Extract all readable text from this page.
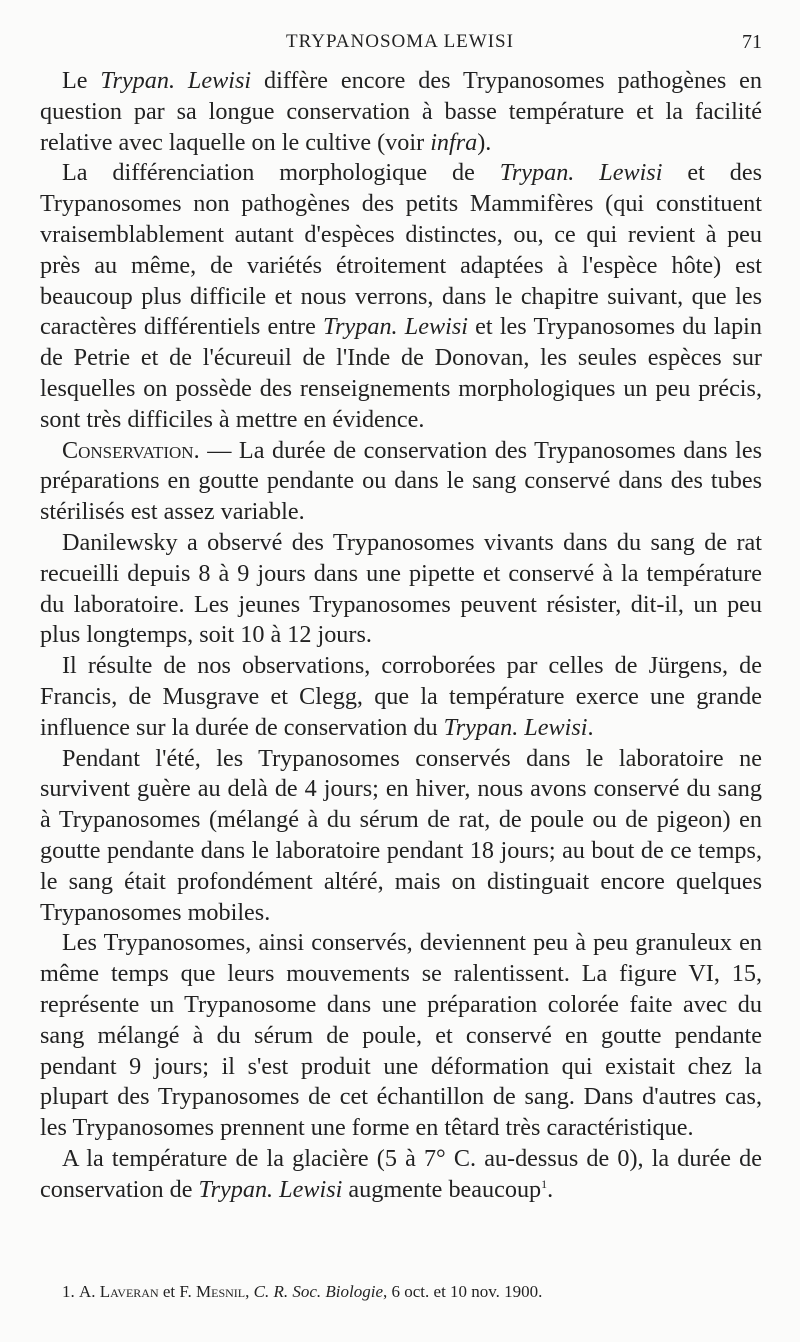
TRYPANOSOMA LEWISI	71

Le Trypan. Lewisi diffère encore des Trypanosomes pathogènes en question par sa longue conservation à basse température et la facilité relative avec laquelle on le cultive (voir infra).

La différenciation morphologique de Trypan. Lewisi et des Trypanosomes non pathogènes des petits Mammifères (qui constituent vraisemblablement autant d'espèces distinctes, ou, ce qui revient à peu près au même, de variétés étroitement adaptées à l'espèce hôte) est beaucoup plus difficile et nous verrons, dans le chapitre suivant, que les caractères différentiels entre Trypan. Lewisi et les Trypanosomes du lapin de Petrie et de l'écureuil de l'Inde de Donovan, les seules espèces sur lesquelles on possède des renseignements morphologiques un peu précis, sont très difficiles à mettre en évidence.

Conservation. — La durée de conservation des Trypanosomes dans les préparations en goutte pendante ou dans le sang conservé dans des tubes stérilisés est assez variable.

Danilewsky a observé des Trypanosomes vivants dans du sang de rat recueilli depuis 8 à 9 jours dans une pipette et conservé à la température du laboratoire. Les jeunes Trypanosomes peuvent résister, dit-il, un peu plus longtemps, soit 10 à 12 jours.

Il résulte de nos observations, corroborées par celles de Jürgens, de Francis, de Musgrave et Clegg, que la température exerce une grande influence sur la durée de conservation du Trypan. Lewisi.

Pendant l'été, les Trypanosomes conservés dans le laboratoire ne survivent guère au delà de 4 jours; en hiver, nous avons conservé du sang à Trypanosomes (mélangé à du sérum de rat, de poule ou de pigeon) en goutte pendante dans le laboratoire pendant 18 jours; au bout de ce temps, le sang était profondément altéré, mais on distinguait encore quelques Trypanosomes mobiles.

Les Trypanosomes, ainsi conservés, deviennent peu à peu granuleux en même temps que leurs mouvements se ralentissent. La figure VI, 15, représente un Trypanosome dans une préparation colorée faite avec du sang mélangé à du sérum de poule, et conservé en goutte pendante pendant 9 jours; il s'est produit une déformation qui existait chez la plupart des Trypanosomes de cet échantillon de sang. Dans d'autres cas, les Trypanosomes prennent une forme en têtard très caractéristique.

A la température de la glacière (5 à 7° C. au-dessus de 0), la durée de conservation de Trypan. Lewisi augmente beaucoup$^1$.

1. A. Laveran et F. Mesnil, C. R. Soc. Biologie, 6 oct. et 10 nov. 1900.
